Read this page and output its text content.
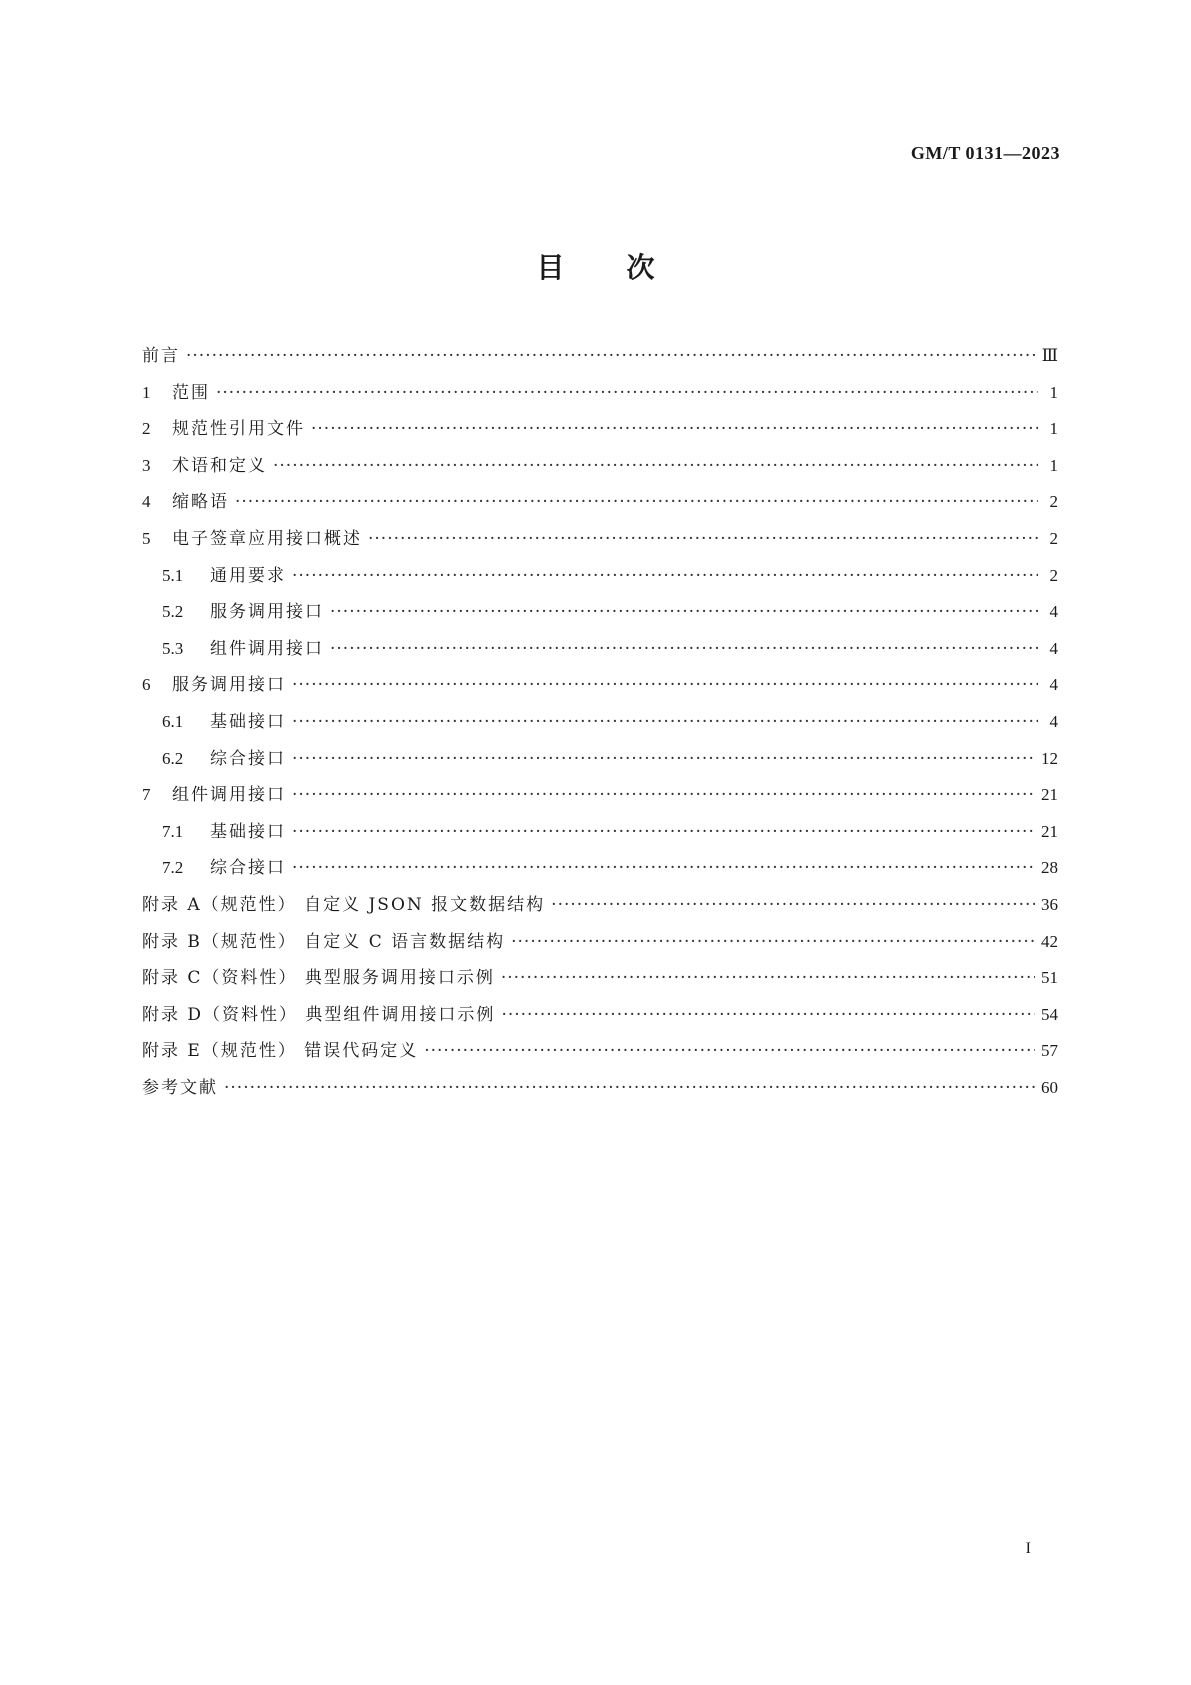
GM/T 0131—2023
目次
前言 ·····	Ⅲ
1	范围 ·····	1
2	规范性引用文件 ·····	1
3	术语和定义 ·····	1
4	缩略语 ·····	2
5	电子签章应用接口概述 ·····	2
5.1	通用要求 ·····	2
5.2	服务调用接口 ·····	4
5.3	组件调用接口 ·····	4
6	服务调用接口 ·····	4
6.1	基础接口 ·····	4
6.2	综合接口 ·····	12
7	组件调用接口 ·····	21
7.1	基础接口 ·····	21
7.2	综合接口 ·····	28
附录 A（规范性） 自定义 JSON 报文数据结构 ·····	36
附录 B（规范性） 自定义 C 语言数据结构 ·····	42
附录 C（资料性） 典型服务调用接口示例 ·····	51
附录 D（资料性） 典型组件调用接口示例 ·····	54
附录 E（规范性） 错误代码定义 ·····	57
参考文献 ·····	60
I
